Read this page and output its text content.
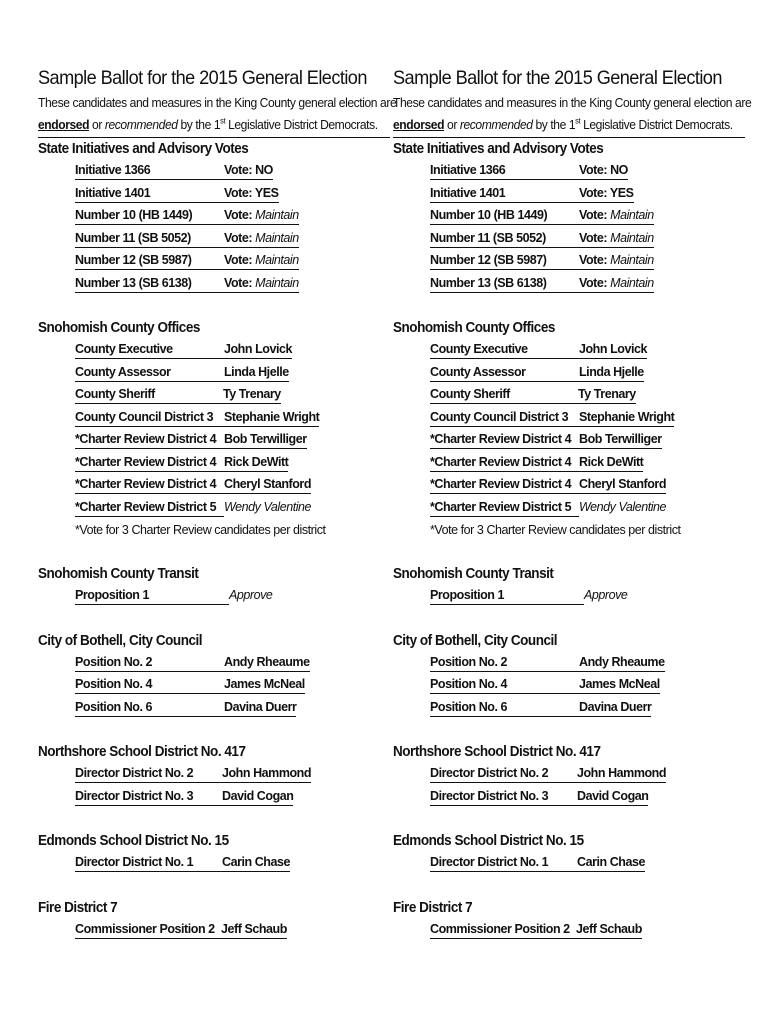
Sample Ballot for the 2015 General Election
These candidates and measures in the King County general election are
endorsed or recommended by the 1st Legislative District Democrats.
State Initiatives and Advisory Votes
Initiative 1366	Vote: NO
Initiative 1401	Vote: YES
Number 10 (HB 1449)	Vote: Maintain
Number 11 (SB 5052)	Vote: Maintain
Number 12 (SB 5987)	Vote: Maintain
Number 13 (SB 6138)	Vote: Maintain
Snohomish County Offices
County Executive	John Lovick
County Assessor	Linda Hjelle
County Sheriff	Ty Trenary
County Council District 3 Stephanie Wright
*Charter Review District 4 Bob Terwilliger
*Charter Review District 4 Rick DeWitt
*Charter Review District 4 Cheryl Stanford
*Charter Review District 5 Wendy Valentine
*Vote for 3 Charter Review candidates per district
Snohomish County Transit
Proposition 1	Approve
City of Bothell, City Council
Position No. 2	Andy Rheaume
Position No. 4	James McNeal
Position No. 6	Davina Duerr
Northshore School District No. 417
Director District No. 2	John Hammond
Director District No. 3	David Cogan
Edmonds School District No. 15
Director District No. 1	Carin Chase
Fire District 7
Commissioner Position 2 Jeff Schaub
Sample Ballot for the 2015 General Election
These candidates and measures in the King County general election are
endorsed or recommended by the 1st Legislative District Democrats.
State Initiatives and Advisory Votes
Initiative 1366	Vote: NO
Initiative 1401	Vote: YES
Number 10 (HB 1449)	Vote: Maintain
Number 11 (SB 5052)	Vote: Maintain
Number 12 (SB 5987)	Vote: Maintain
Number 13 (SB 6138)	Vote: Maintain
Snohomish County Offices
County Executive	John Lovick
County Assessor	Linda Hjelle
County Sheriff	Ty Trenary
County Council District 3 Stephanie Wright
*Charter Review District 4 Bob Terwilliger
*Charter Review District 4 Rick DeWitt
*Charter Review District 4 Cheryl Stanford
*Charter Review District 5 Wendy Valentine
*Vote for 3 Charter Review candidates per district
Snohomish County Transit
Proposition 1	Approve
City of Bothell, City Council
Position No. 2	Andy Rheaume
Position No. 4	James McNeal
Position No. 6	Davina Duerr
Northshore School District No. 417
Director District No. 2	John Hammond
Director District No. 3	David Cogan
Edmonds School District No. 15
Director District No. 1	Carin Chase
Fire District 7
Commissioner Position 2 Jeff Schaub
